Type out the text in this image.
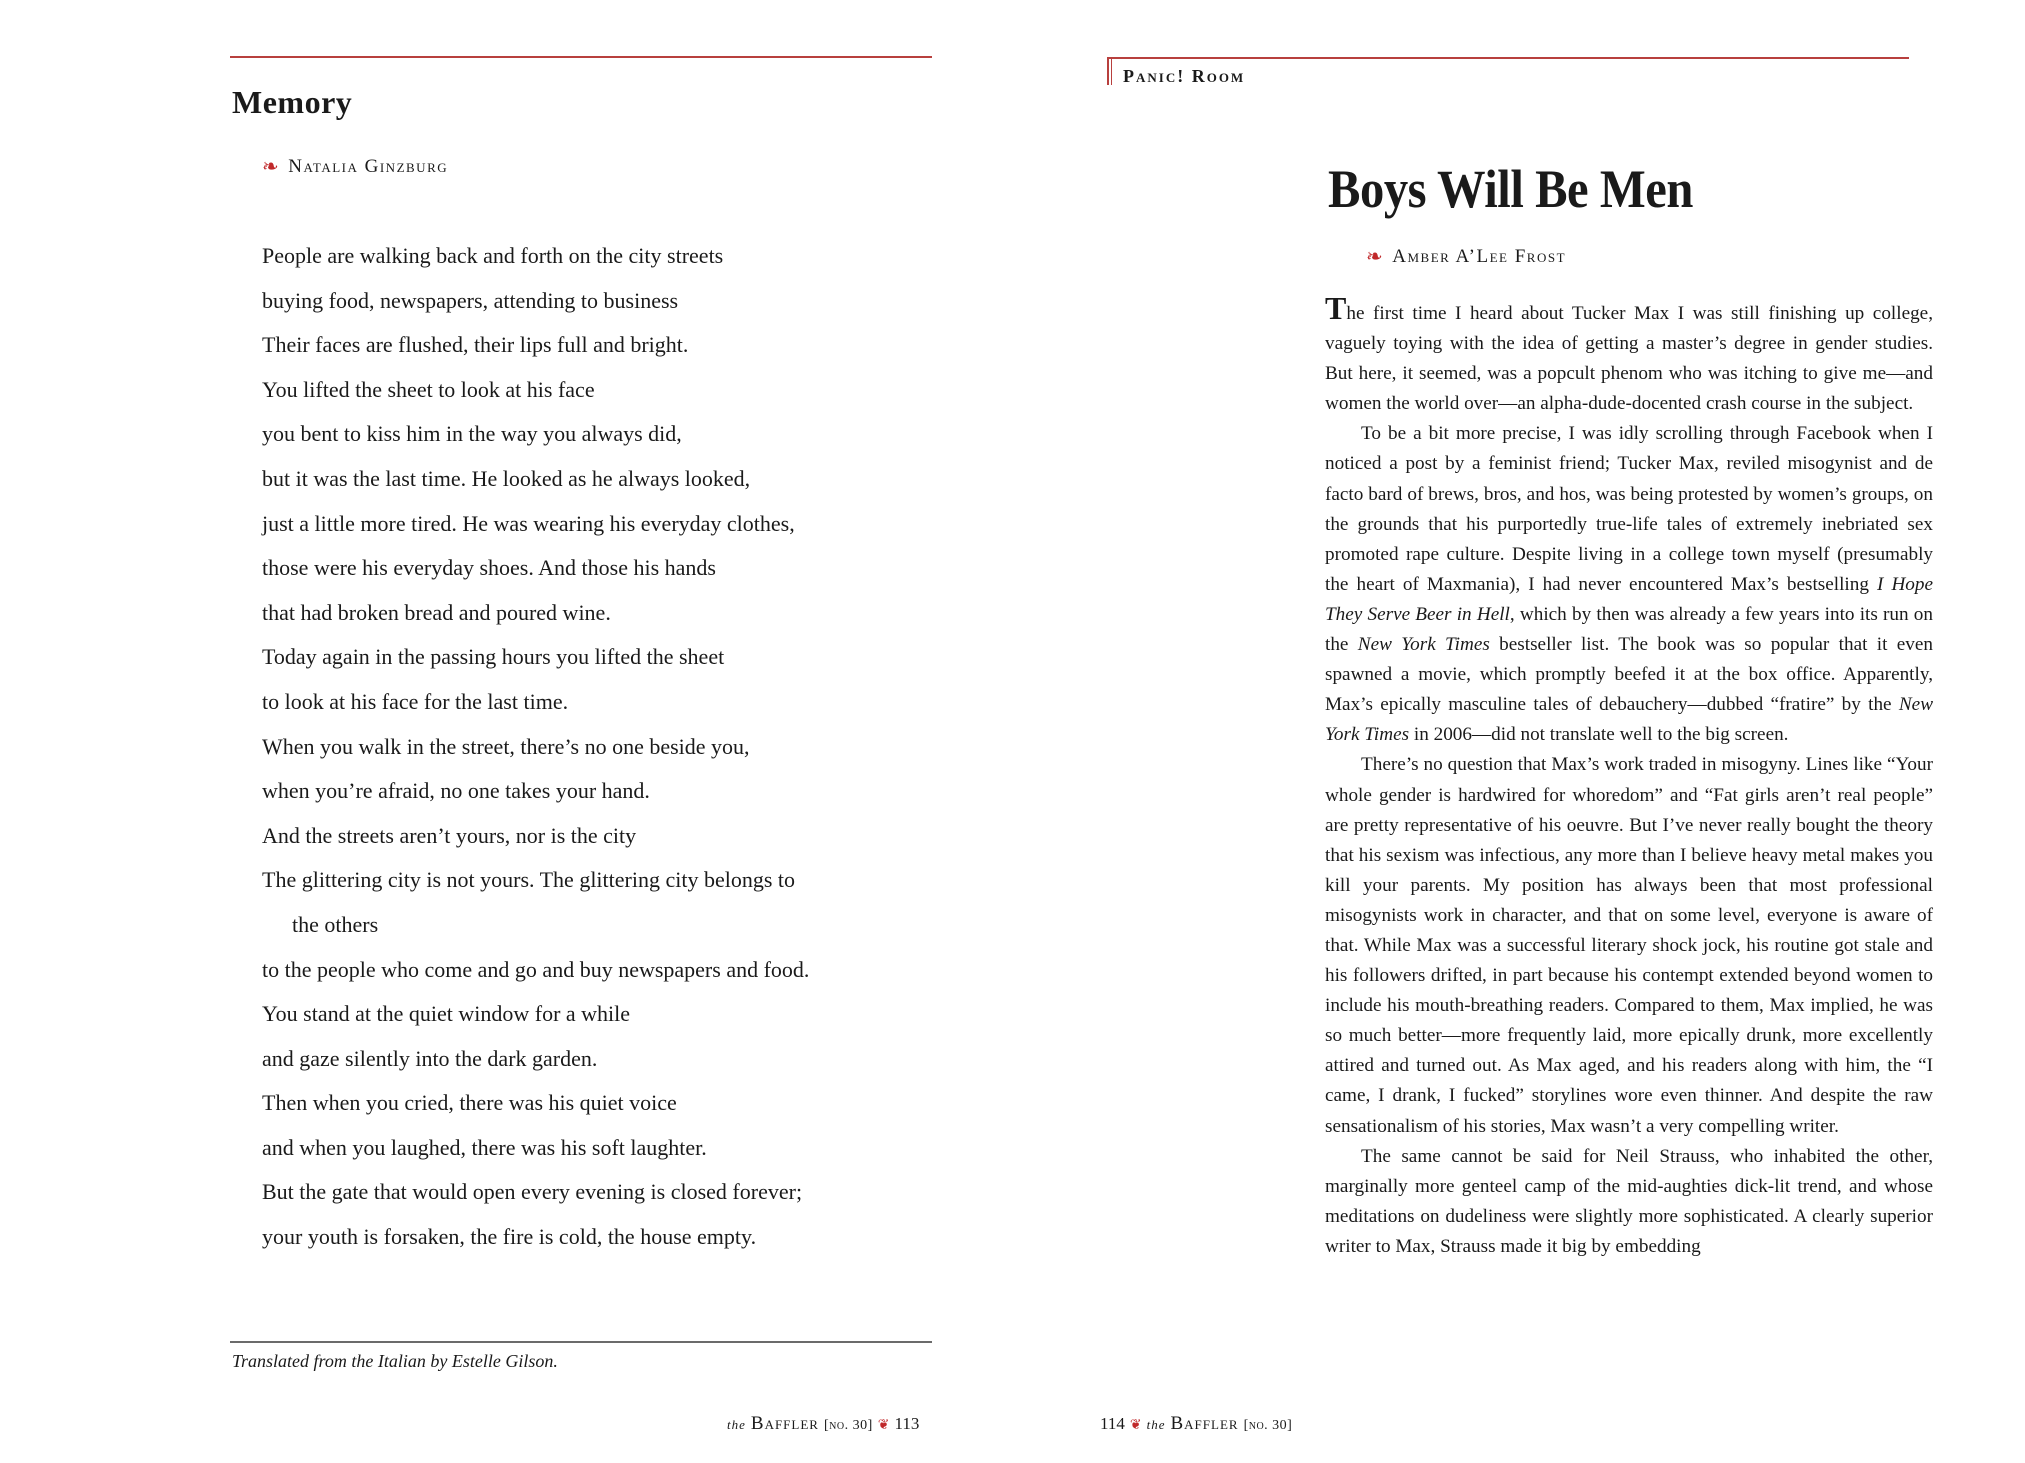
Memory
❧ Natalia Ginzburg
People are walking back and forth on the city streets
buying food, newspapers, attending to business
Their faces are flushed, their lips full and bright.
You lifted the sheet to look at his face
you bent to kiss him in the way you always did,
but it was the last time. He looked as he always looked,
just a little more tired. He was wearing his everyday clothes,
those were his everyday shoes. And those his hands
that had broken bread and poured wine.
Today again in the passing hours you lifted the sheet
to look at his face for the last time.
When you walk in the street, there’s no one beside you,
when you’re afraid, no one takes your hand.
And the streets aren’t yours, nor is the city
The glittering city is not yours. The glittering city belongs to
the others
to the people who come and go and buy newspapers and food.
You stand at the quiet window for a while
and gaze silently into the dark garden.
Then when you cried, there was his quiet voice
and when you laughed, there was his soft laughter.
But the gate that would open every evening is closed forever;
your youth is forsaken, the fire is cold, the house empty.
Translated from the Italian by Estelle Gilson.
the Baffler [no. 30] ❦ 113
Panic! Room
Boys Will Be Men
❧ Amber A’Lee Frost

The first time I heard about Tucker Max I was still finishing up college, vaguely toying with the idea of getting a master’s degree in gender studies. But here, it seemed, was a popcult phenom who was itching to give me—and women the world over—an alpha-dude-docented crash course in the subject.

To be a bit more precise, I was idly scrolling through Facebook when I noticed a post by a feminist friend; Tucker Max, reviled misogynist and de facto bard of brews, bros, and hos, was being protested by women’s groups, on the grounds that his purportedly true-life tales of extremely inebriated sex promoted rape culture. Despite living in a college town myself (presumably the heart of Maxmania), I had never encountered Max’s bestselling I Hope They Serve Beer in Hell, which by then was already a few years into its run on the New York Times bestseller list. The book was so popular that it even spawned a movie, which promptly beefed it at the box office. Apparently, Max’s epically masculine tales of debauchery—dubbed “fratire” by the New York Times in 2006—did not translate well to the big screen.

There’s no question that Max’s work traded in misogyny. Lines like “Your whole gender is hardwired for whoredom” and “Fat girls aren’t real people” are pretty representative of his oeuvre. But I’ve never really bought the theory that his sexism was infectious, any more than I believe heavy metal makes you kill your parents. My position has always been that most professional misogynists work in character, and that on some level, everyone is aware of that. While Max was a successful literary shock jock, his routine got stale and his followers drifted, in part because his contempt extended beyond women to include his mouth-breathing readers. Compared to them, Max implied, he was so much better—more frequently laid, more epically drunk, more excellently attired and turned out. As Max aged, and his readers along with him, the “I came, I drank, I fucked” storylines wore even thinner. And despite the raw sensationalism of his stories, Max wasn’t a very compelling writer.

The same cannot be said for Neil Strauss, who inhabited the other, marginally more genteel camp of the mid-aughties dick-lit trend, and whose meditations on dudeliness were slightly more sophisticated. A clearly superior writer to Max, Strauss made it big by embedding

114 ❦ the Baffler [no. 30]
